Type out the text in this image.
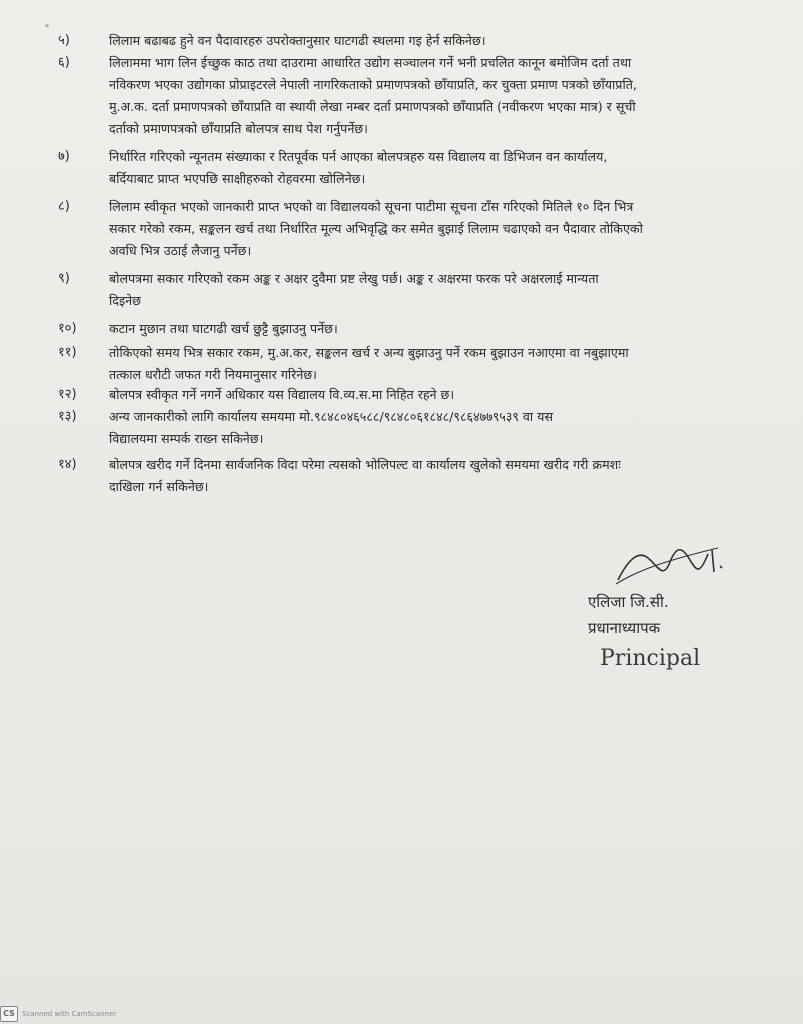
"
५)	लिलाम बढाबढ हुने वन पैदावारहरु उपरोक्तानुसार घाटगढी स्थलमा गइ हेर्न सकिनेछ।
६)	लिलाममा भाग लिन ईच्छुक काठ तथा दाउरामा आधारित उद्योग सञ्चालन गर्ने भनी प्रचलित कानून बमोजिम दर्ता तथा
नविकरण भएका उद्योगका प्रोप्राइटरले नेपाली नागरिकताको प्रमाणपत्रको छाँयाप्रति, कर चुक्ता प्रमाण पत्रको छाँयाप्रति,
मु.अ.क. दर्ता प्रमाणपत्रको छाँयाप्रति वा स्थायी लेखा नम्बर दर्ता प्रमाणपत्रको छाँयाप्रति (नवीकरण भएका मात्र) र सूची
दर्ताको प्रमाणपत्रको छाँयाप्रति बोलपत्र साथ पेश गर्नुपर्नेछ।
७)	निर्धारित गरिएको न्यूनतम संख्याका र रितपूर्वक पर्न आएका बोलपत्रहरु यस विद्यालय वा डिभिजन वन कार्यालय,
बर्दियाबाट प्राप्त भएपछि साक्षीहरुको रोहवरमा खोलिनेछ।
८)	लिलाम स्वीकृत भएको जानकारी प्राप्त भएको वा विद्यालयको सूचना पाटीमा सूचना टाँस गरिएको मितिले १० दिन भित्र
सकार गरेको रकम, सङ्कलन खर्च तथा निर्धारित मूल्य अभिवृद्धि कर समेत बुझाई लिलाम चढाएको वन पैदावार तोकिएको
अवधि भित्र उठाई लैजानु पर्नेछ।
९)	बोलपत्रमा सकार गरिएको रकम अङ्क र अक्षर दुवैमा प्रष्ट लेखु पर्छ। अङ्क र अक्षरमा फरक परे अक्षरलाई मान्यता
दिइनेछ
१०)	कटान मुछान तथा घाटगढी खर्च छुट्टै बुझाउनु पर्नेछ।
११)	तोकिएको समय भित्र सकार रकम, मु.अ.कर, सङ्कलन खर्च र अन्य बुझाउनु पर्ने रकम बुझाउन नआएमा वा नबुझाएमा
तत्काल धरौटी जफत गरी नियमानुसार गरिनेछ।
१२)	बोलपत्र स्वीकृत गर्ने नगर्ने अधिकार यस विद्यालय वि.व्य.स.मा निहित रहने छ।
१३)	अन्य जानकारीको लागि कार्यालय समयमा मो.९८४८०४६५८८/९८४८०६१८४८/९८६४७७९५३९ वा यस
विद्यालयमा सम्पर्क राख्न सकिनेछ।
१४)	बोलपत्र खरीद गर्ने दिनमा सार्वजनिक विदा परेमा त्यसको भोलिपल्ट वा कार्यालय खुलेको समयमा खरीद गरी क्रमशः
दाखिला गर्न सकिनेछ।
एलिजा जि.सी.
प्रधानाध्यापक
Principal
CS	Scanned with CamScanner
